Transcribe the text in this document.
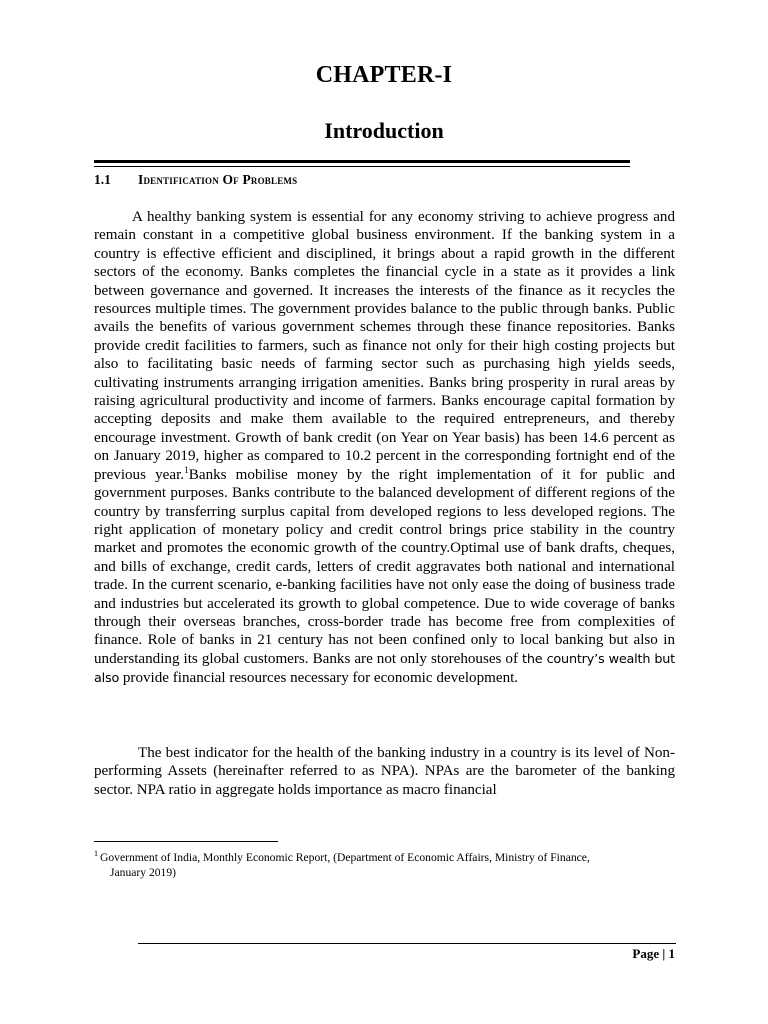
CHAPTER-I
Introduction
1.1	Identification Of Problems
A healthy banking system is essential for any economy striving to achieve progress and remain constant in a competitive global business environment. If the banking system in a country is effective efficient and disciplined, it brings about a rapid growth in the different sectors of the economy. Banks completes the financial cycle in a state as it provides a link between governance and governed. It increases the interests of the finance as it recycles the resources multiple times. The government provides balance to the public through banks. Public avails the benefits of various government schemes through these finance repositories. Banks provide credit facilities to farmers, such as finance not only for their high costing projects but also to facilitating basic needs of farming sector such as purchasing high yields seeds, cultivating instruments arranging irrigation amenities. Banks bring prosperity in rural areas by raising agricultural productivity and income of farmers. Banks encourage capital formation by accepting deposits and make them available to the required entrepreneurs, and thereby encourage investment. Growth of bank credit (on Year on Year basis) has been 14.6 percent as on January 2019, higher as compared to 10.2 percent in the corresponding fortnight end of the previous year.$^1$Banks mobilise money by the right implementation of it for public and government purposes. Banks contribute to the balanced development of different regions of the country by transferring surplus capital from developed regions to less developed regions. The right application of monetary policy and credit control brings price stability in the country market and promotes the economic growth of the country.Optimal use of bank drafts, cheques, and bills of exchange, credit cards, letters of credit aggravates both national and international trade. In the current scenario, e-banking facilities have not only ease the doing of business trade and industries but accelerated its growth to global competence. Due to wide coverage of banks through their overseas branches, cross-border trade has become free from complexities of finance. Role of banks in 21 century has not been confined only to local banking but also in understanding its global customers. Banks are not only storehouses of the country’s wealth but also provide financial resources necessary for economic development.
The best indicator for the health of the banking industry in a country is its level of Non-performing Assets (hereinafter referred to as NPA). NPAs are the barometer of the banking sector. NPA ratio in aggregate holds importance as macro financial
$^1$ Government of India, Monthly Economic Report, (Department of Economic Affairs, Ministry of Finance,
January 2019)
Page | 1
